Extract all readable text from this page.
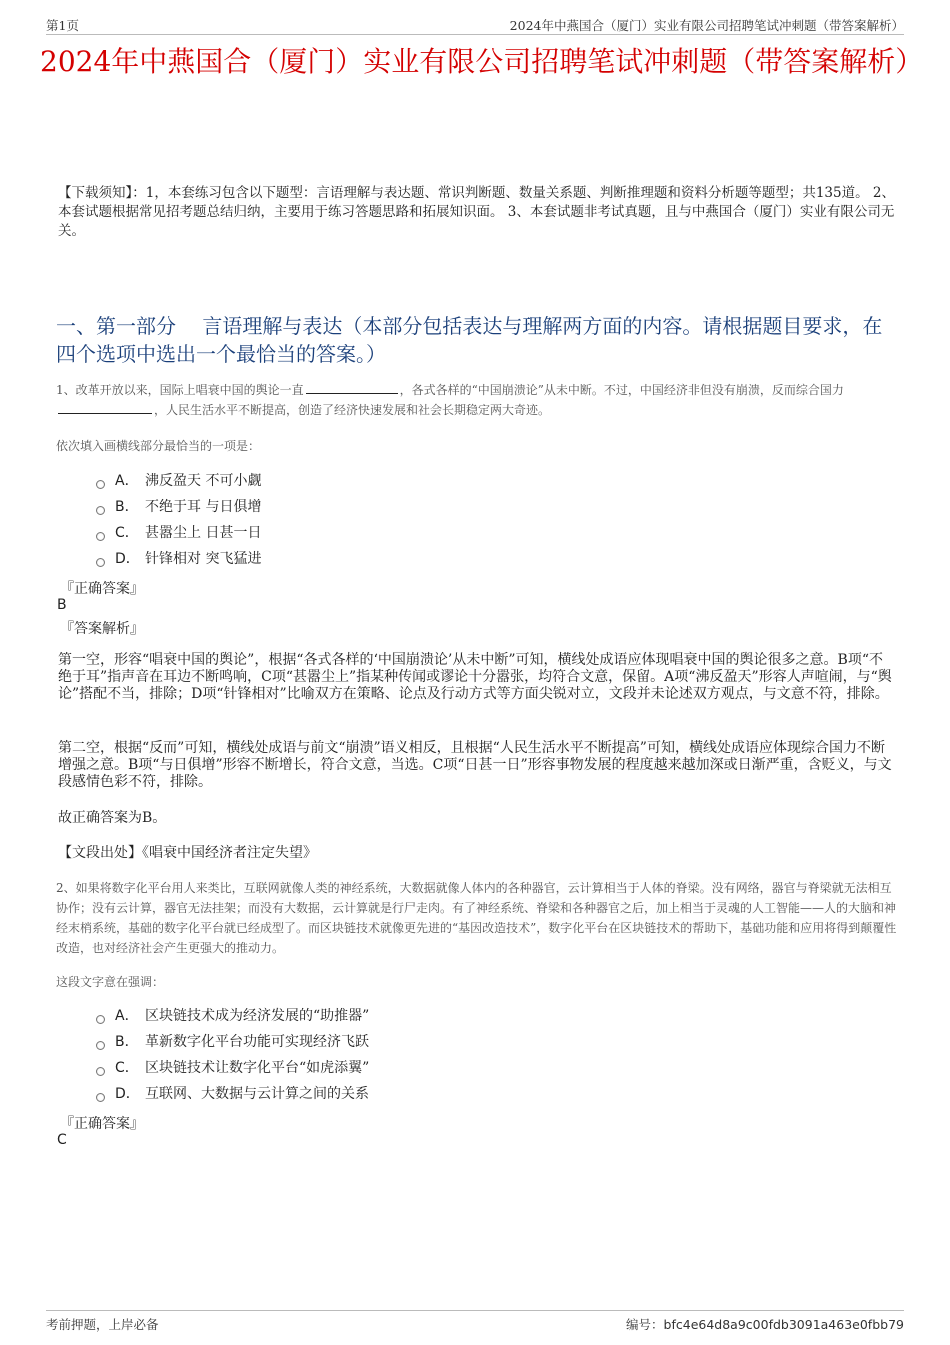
第1页	2024年中燕国合（厦门）实业有限公司招聘笔试冲刺题（带答案解析）
2024年中燕国合（厦门）实业有限公司招聘笔试冲刺题（带答案解析）
【下载须知】：1，本套练习包含以下题型：言语理解与表达题、常识判断题、数量关系题、判断推理题和资料分析题等题型；共135道。 2、本套试题根据常见招考题总结归纳，主要用于练习答题思路和拓展知识面。 3、本套试题非考试真题，且与中燕国合（厦门）实业有限公司无关。
一、第一部分　 言语理解与表达（本部分包括表达与理解两方面的内容。请根据题目要求，在四个选项中选出一个最恰当的答案。）
1、改革开放以来，国际上唱衰中国的舆论一直	，各式各样的“中国崩溃论”从未中断。不过，中国经济非但没有崩溃，反而综合国力，人民生活水平不断提高，创造了经济快速发展和社会长期稳定两大奇迹。
依次填入画横线部分最恰当的一项是：
A． 沸反盈天 不可小觑
B． 不绝于耳 与日俱增
C． 甚嚣尘上 日甚一日
D． 针锋相对 突飞猛进
『正确答案』
B
『答案解析』
第一空，形容“唱衰中国的舆论”，根据“各式各样的‘中国崩溃论’从未中断”可知，横线处成语应体现唱衰中国的舆论很多之意。B项“不绝于耳”指声音在耳边不断鸣响，C项“甚嚣尘上”指某种传闻或谬论十分嚣张，均符合文意，保留。A项“沸反盈天”形容人声喧闹，与“舆论”搭配不当，排除；D项“针锋相对”比喻双方在策略、论点及行动方式等方面尖锐对立，文段并未论述双方观点，与文意不符，排除。
第二空，根据“反而”可知，横线处成语与前文“崩溃”语义相反，且根据“人民生活水平不断提高”可知，横线处成语应体现综合国力不断增强之意。B项“与日俱增”形容不断增长，符合文意，当选。C项“日甚一日”形容事物发展的程度越来越加深或日渐严重，含贬义，与文段感情色彩不符，排除。
故正确答案为B。
【文段出处】《唱衰中国经济者注定失望》
2、如果将数字化平台用人来类比，互联网就像人类的神经系统，大数据就像人体内的各种器官，云计算相当于人体的脊梁。没有网络，器官与脊梁就无法相互协作；没有云计算，器官无法挂架；而没有大数据，云计算就是行尸走肉。有了神经系统、脊梁和各种器官之后，加上相当于灵魂的人工智能——人的大脑和神经末梢系统，基础的数字化平台就已经成型了。而区块链技术就像更先进的“基因改造技术”，数字化平台在区块链技术的帮助下，基础功能和应用将得到颠覆性改造，也对经济社会产生更强大的推动力。
这段文字意在强调：
A． 区块链技术成为经济发展的“助推器”
B． 革新数字化平台功能可实现经济飞跃
C． 区块链技术让数字化平台“如虎添翼”
D． 互联网、大数据与云计算之间的关系
『正确答案』
C
考前押题，上岸必备	编号：bfc4e64d8a9c00fdb3091a463e0fbb79
